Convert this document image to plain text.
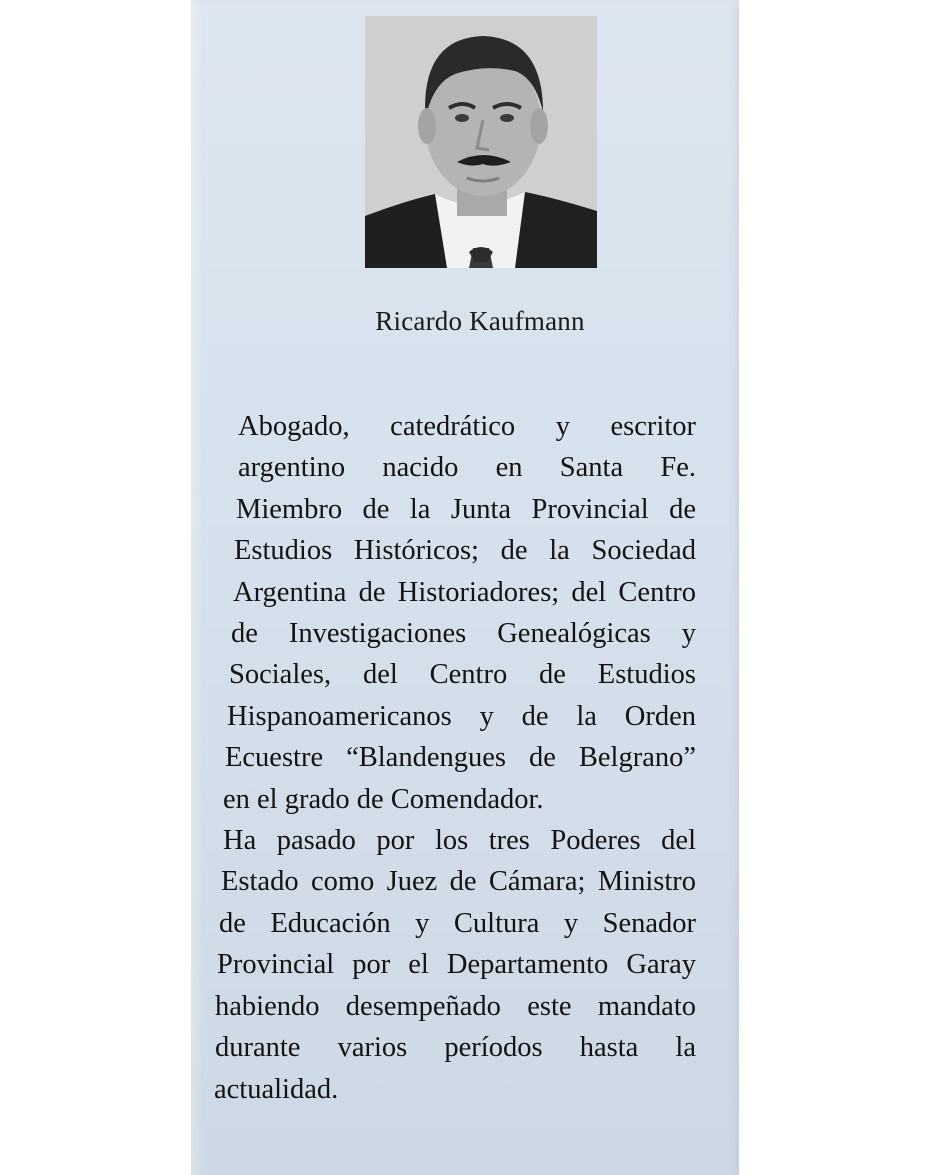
Ricardo Kaufmann
Abogado, catedrático y escritor
argentino nacido en Santa Fe.
Miembro de la Junta Provincial de
Estudios Históricos; de la Sociedad
Argentina de Historiadores; del Centro
de Investigaciones Genealógicas y
Sociales, del Centro de Estudios
Hispanoamericanos y de la Orden
Ecuestre “Blandengues de Belgrano”
en el grado de Comendador.
Ha pasado por los tres Poderes del
Estado como Juez de Cámara; Ministro
de Educación y Cultura y Senador
Provincial por el Departamento Garay
habiendo desempeñado este mandato
durante varios períodos hasta la
actualidad.
